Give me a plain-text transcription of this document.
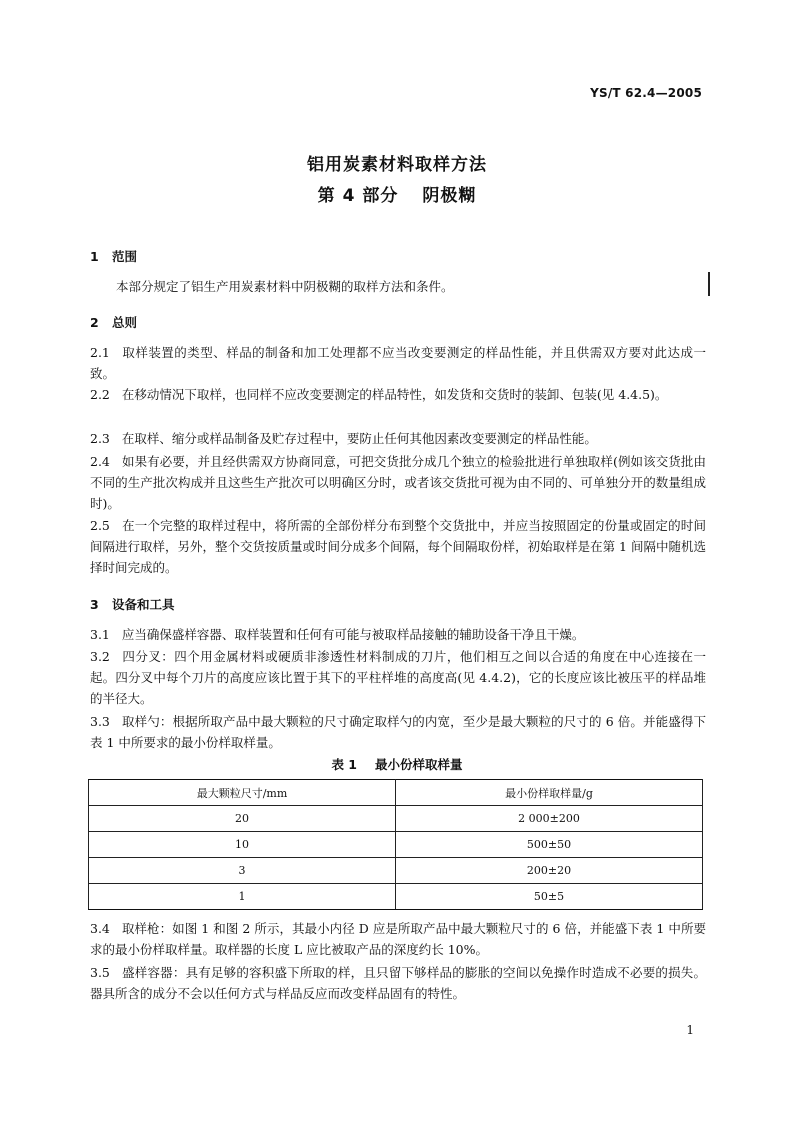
YS/T 62.4—2005
铝用炭素材料取样方法
第 4 部分 阴极糊
1 范围
本部分规定了铝生产用炭素材料中阴极糊的取样方法和条件。
2 总则
2.1 取样装置的类型、样品的制备和加工处理都不应当改变要测定的样品性能，并且供需双方要对此达成一致。
2.2 在移动情况下取样，也同样不应改变要测定的样品特性，如发货和交货时的装卸、包装(见 4.4.5)。
2.3 在取样、缩分或样品制备及贮存过程中，要防止任何其他因素改变要测定的样品性能。
2.4 如果有必要，并且经供需双方协商同意，可把交货批分成几个独立的检验批进行单独取样(例如该交货批由不同的生产批次构成并且这些生产批次可以明确区分时，或者该交货批可视为由不同的、可单独分开的数量组成时)。
2.5 在一个完整的取样过程中，将所需的全部份样分布到整个交货批中，并应当按照固定的份量或固定的时间间隔进行取样，另外，整个交货按质量或时间分成多个间隔，每个间隔取份样，初始取样是在第 1 间隔中随机选择时间完成的。
3 设备和工具
3.1 应当确保盛样容器、取样装置和任何有可能与被取样品接触的辅助设备干净且干燥。
3.2 四分叉：四个用金属材料或硬质非渗透性材料制成的刀片，他们相互之间以合适的角度在中心连接在一起。四分叉中每个刀片的高度应该比置于其下的平柱样堆的高度高(见 4.4.2)，它的长度应该比被压平的样品堆的半径大。
3.3 取样勺：根据所取产品中最大颗粒的尺寸确定取样勺的内宽，至少是最大颗粒的尺寸的 6 倍。并能盛得下表 1 中所要求的最小份样取样量。
表 1 最小份样取样量
最大颗粒尺寸/mm	最小份样取样量/g
20	2 000±200
10	500±50
3	200±20
1	50±5
3.4 取样枪：如图 1 和图 2 所示，其最小内径 D 应是所取产品中最大颗粒尺寸的 6 倍，并能盛下表 1 中所要求的最小份样取样量。取样器的长度 L 应比被取产品的深度约长 10%。
3.5 盛样容器：具有足够的容积盛下所取的样，且只留下够样品的膨胀的空间以免操作时造成不必要的损失。器具所含的成分不会以任何方式与样品反应而改变样品固有的特性。
1
